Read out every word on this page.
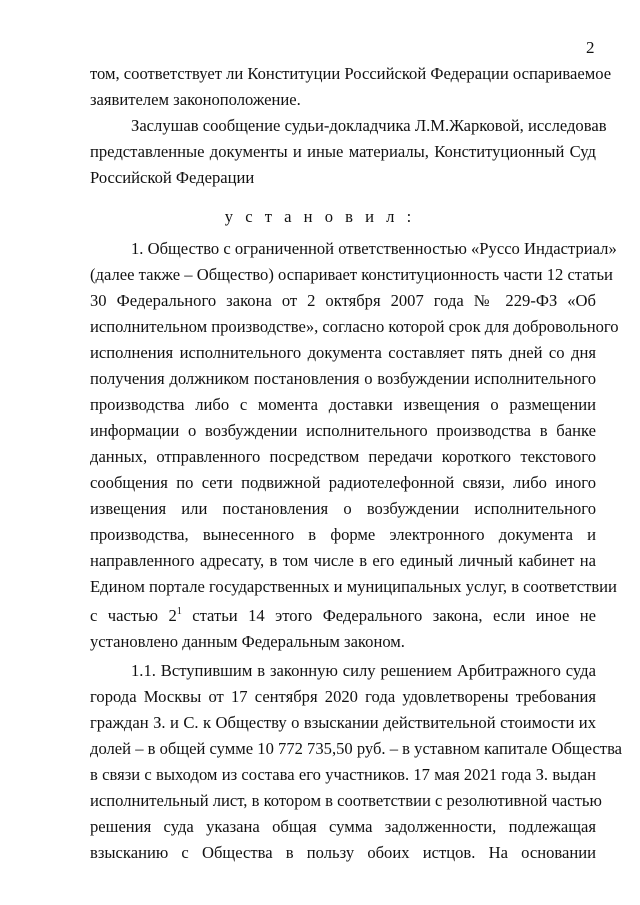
2
том, соответствует ли Конституции Российской Федерации оспариваемое
заявителем законоположение.
Заслушав сообщение судьи-докладчика Л.М.Жарковой, исследовав
представленные документы и иные материалы, Конституционный Суд
Российской Федерации
у с т а н о в и л :
1. Общество с ограниченной ответственностью «Руссо Индастриал»
(далее также – Общество) оспаривает конституционность части 12 статьи
30 Федерального закона от 2 октября 2007 года № 229-ФЗ «Об
исполнительном производстве», согласно которой срок для добровольного
исполнения исполнительного документа составляет пять дней со дня
получения должником постановления о возбуждении исполнительного
производства либо с момента доставки извещения о размещении
информации о возбуждении исполнительного производства в банке
данных, отправленного посредством передачи короткого текстового
сообщения по сети подвижной радиотелефонной связи, либо иного
извещения или постановления о возбуждении исполнительного
производства, вынесенного в форме электронного документа и
направленного адресату, в том числе в его единый личный кабинет на
Едином портале государственных и муниципальных услуг, в соответствии
с частью $2^1$ статьи 14 этого Федерального закона, если иное не
установлено данным Федеральным законом.
1.1. Вступившим в законную силу решением Арбитражного суда
города Москвы от 17 сентября 2020 года удовлетворены требования
граждан З. и С. к Обществу о взыскании действительной стоимости их
долей – в общей сумме 10 772 735,50 руб. – в уставном капитале Общества
в связи с выходом из состава его участников. 17 мая 2021 года З. выдан
исполнительный лист, в котором в соответствии с резолютивной частью
решения суда указана общая сумма задолженности, подлежащая
взысканию с Общества в пользу обоих истцов. На основании
